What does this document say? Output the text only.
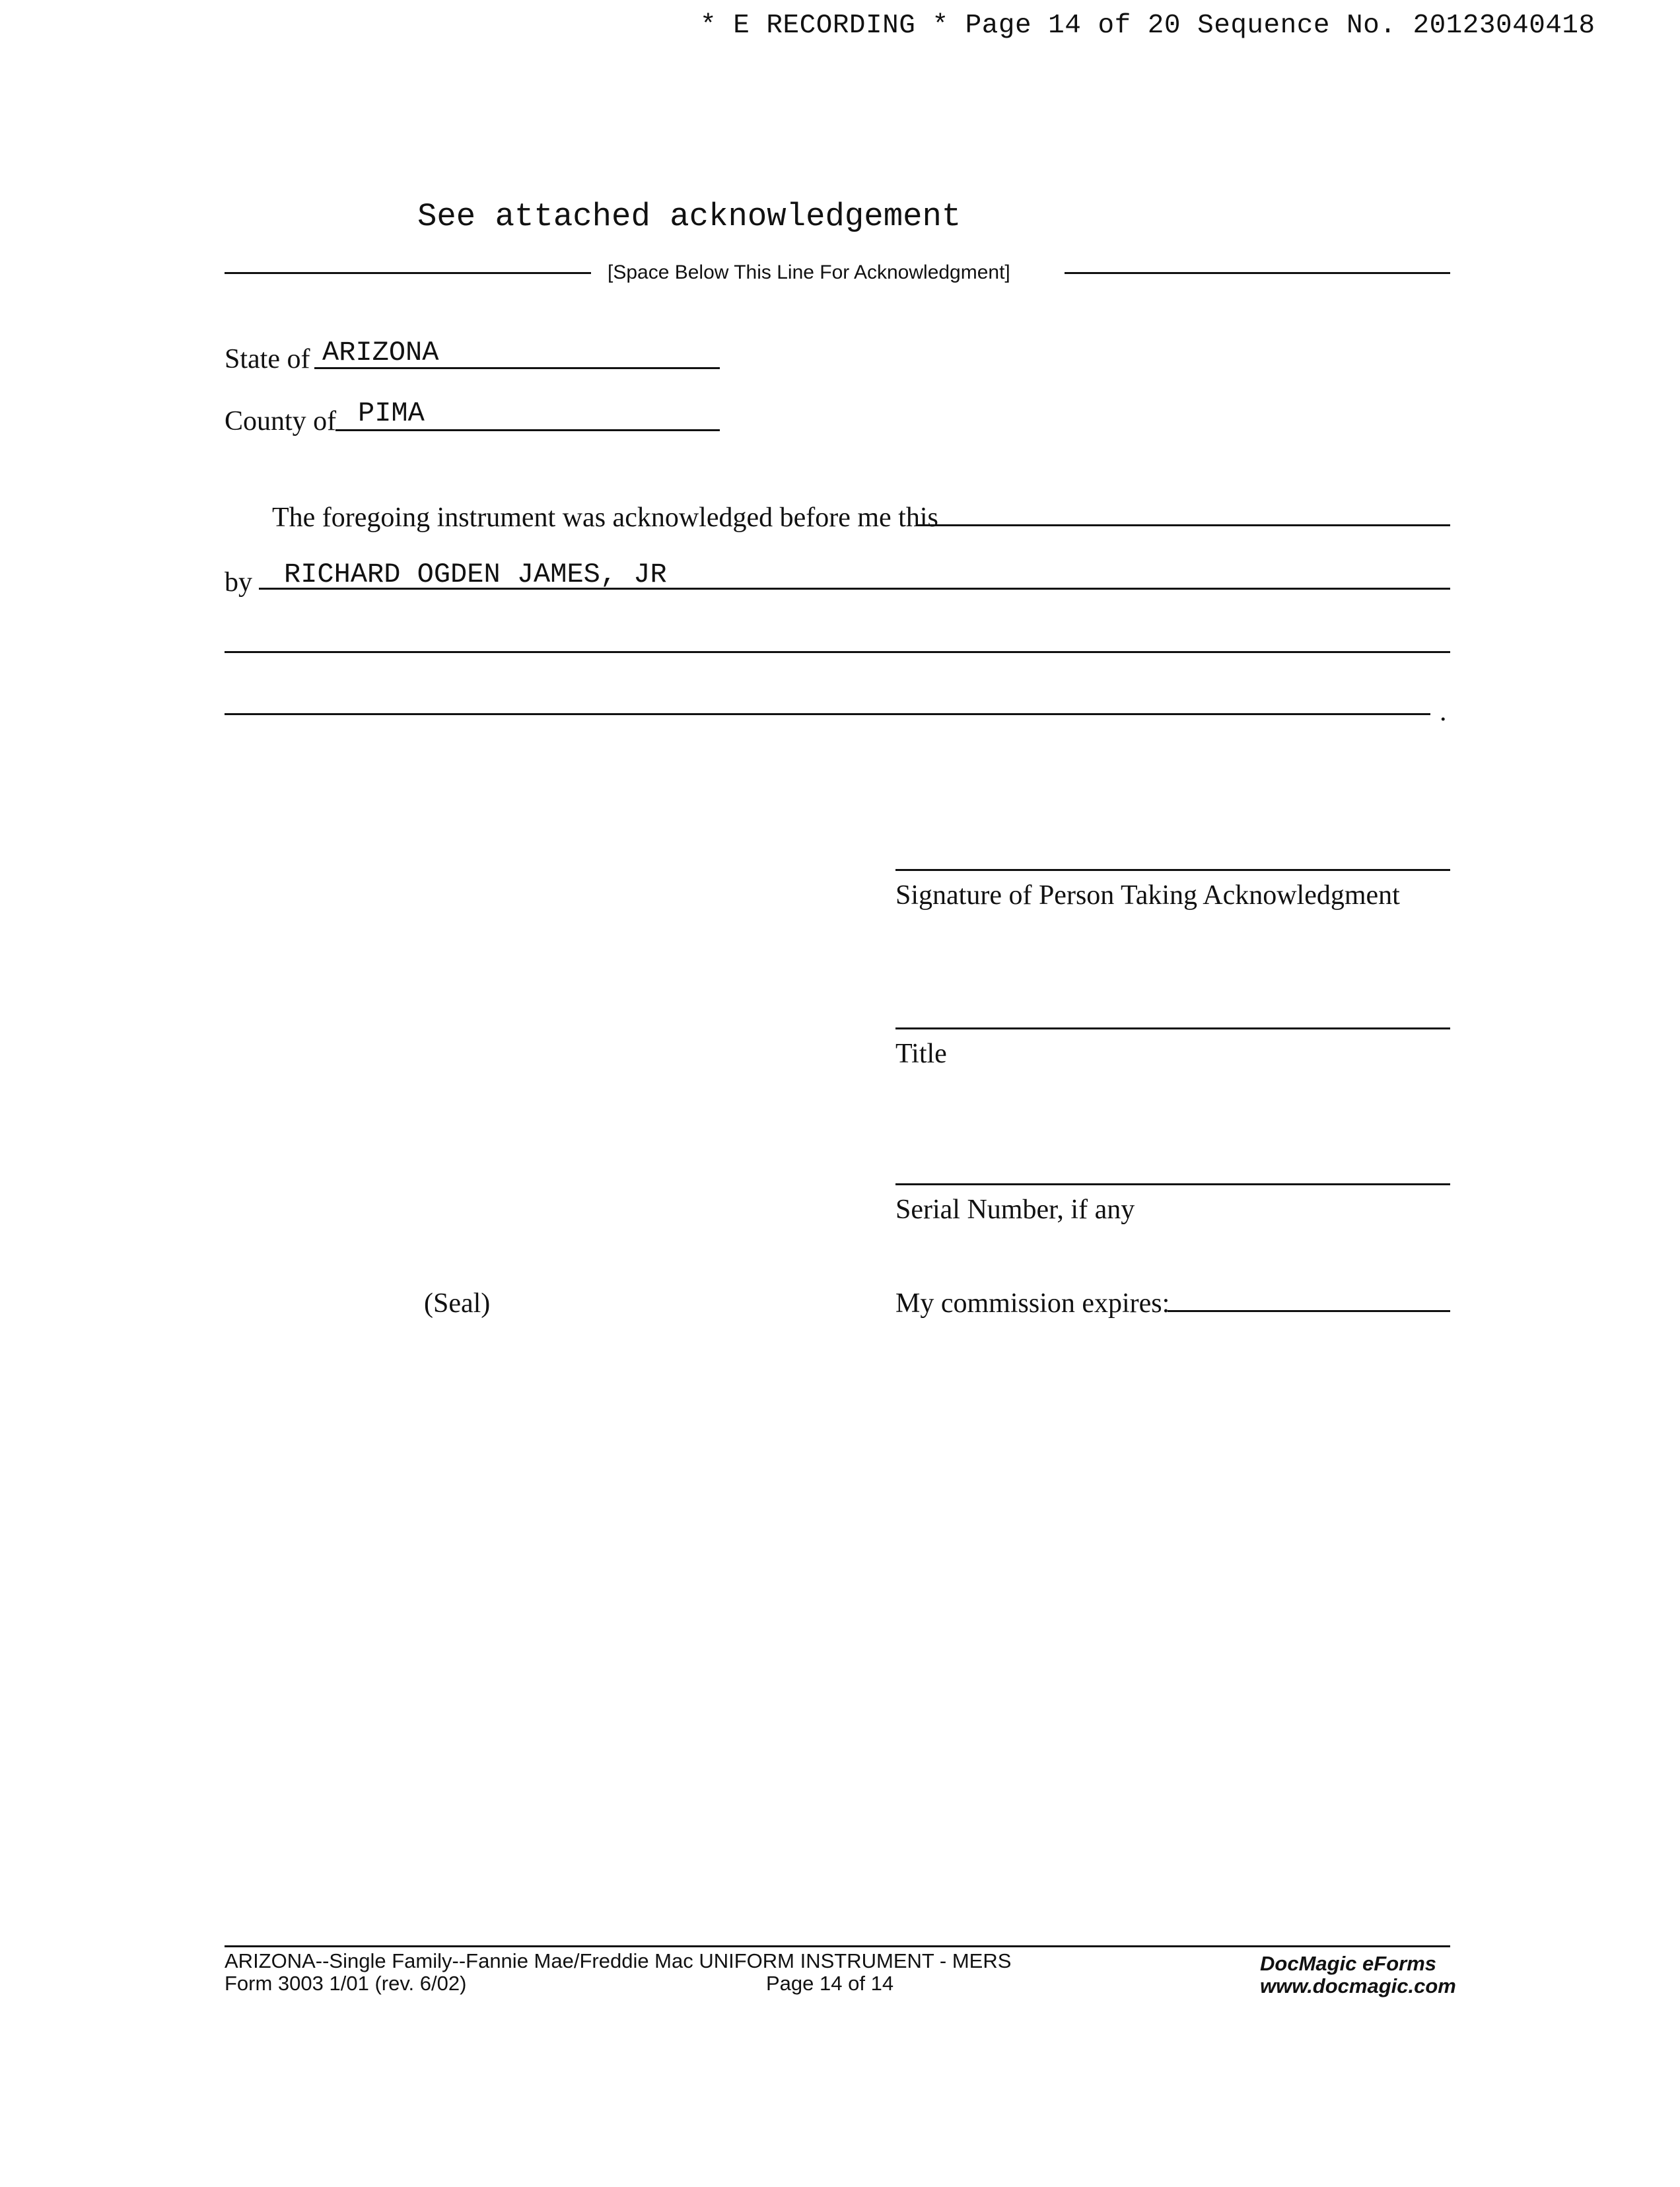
* E RECORDING * Page 14 of 20 Sequence No. 20123040418
See attached acknowledgement
[Space Below This Line For Acknowledgment]
State of ARIZONA
County of PIMA
The foregoing instrument was acknowledged before me this
by RICHARD OGDEN JAMES, JR
.
Signature of Person Taking Acknowledgment
Title
Serial Number, if any
(Seal)	My commission expires:
ARIZONA--Single Family--Fannie Mae/Freddie Mac UNIFORM INSTRUMENT - MERS
Form 3003 1/01 (rev. 6/02)	Page 14 of 14
DocMagic eForms
www.docmagic.com
